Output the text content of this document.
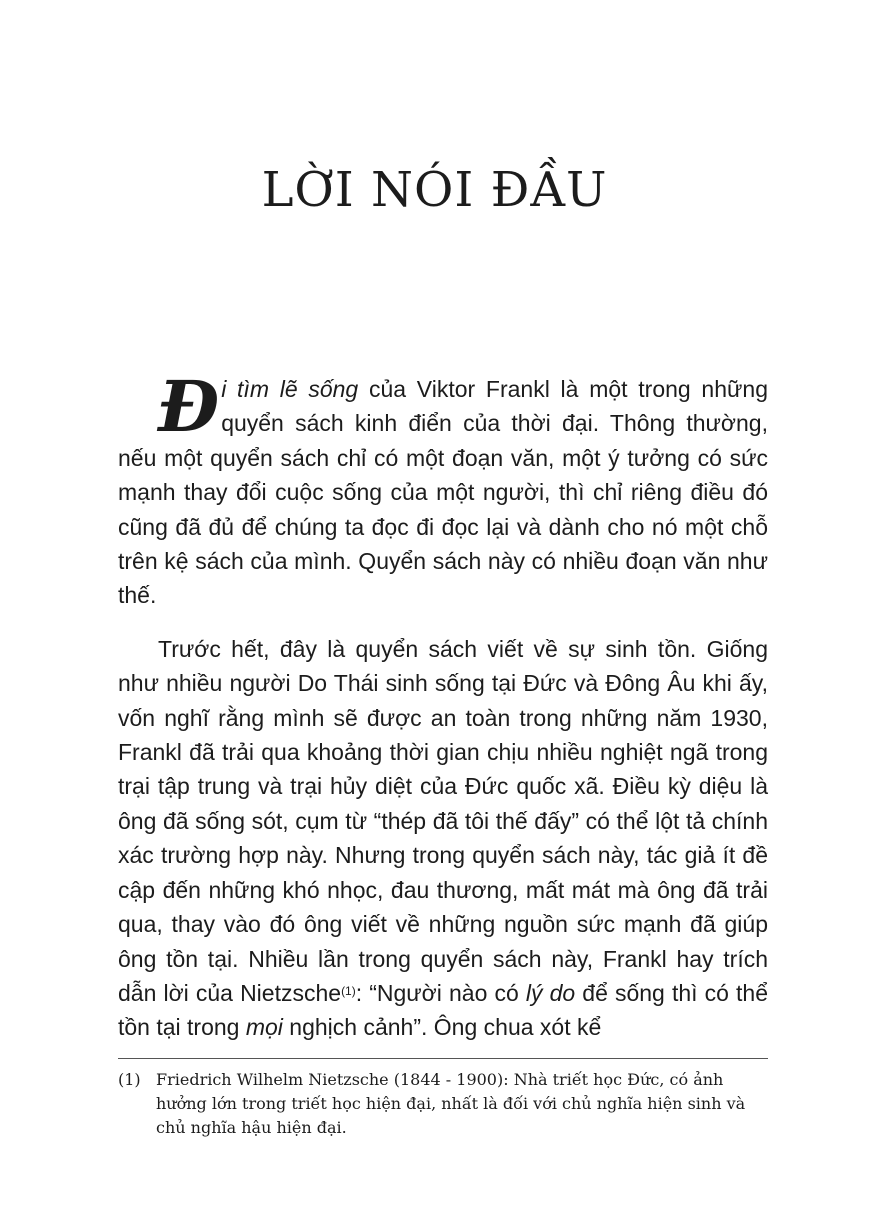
LỜI NÓI ĐẦU

Đi tìm lẽ sống của Viktor Frankl là một trong những quyển sách kinh điển của thời đại. Thông thường, nếu một quyển sách chỉ có một đoạn văn, một ý tưởng có sức mạnh thay đổi cuộc sống của một người, thì chỉ riêng điều đó cũng đã đủ để chúng ta đọc đi đọc lại và dành cho nó một chỗ trên kệ sách của mình. Quyển sách này có nhiều đoạn văn như thế.

Trước hết, đây là quyển sách viết về sự sinh tồn. Giống như nhiều người Do Thái sinh sống tại Đức và Đông Âu khi ấy, vốn nghĩ rằng mình sẽ được an toàn trong những năm 1930, Frankl đã trải qua khoảng thời gian chịu nhiều nghiệt ngã trong trại tập trung và trại hủy diệt của Đức quốc xã. Điều kỳ diệu là ông đã sống sót, cụm từ “thép đã tôi thế đấy” có thể lột tả chính xác trường hợp này. Nhưng trong quyển sách này, tác giả ít đề cập đến những khó nhọc, đau thương, mất mát mà ông đã trải qua, thay vào đó ông viết về những nguồn sức mạnh đã giúp ông tồn tại. Nhiều lần trong quyển sách này, Frankl hay trích dẫn lời của Nietzsche$^{(1)}$: “Người nào có lý do để sống thì có thể tồn tại trong mọi nghịch cảnh”. Ông chua xót kể

(1) Friedrich Wilhelm Nietzsche (1844 - 1900): Nhà triết học Đức, có ảnh hưởng lớn trong triết học hiện đại, nhất là đối với chủ nghĩa hiện sinh và chủ nghĩa hậu hiện đại.
